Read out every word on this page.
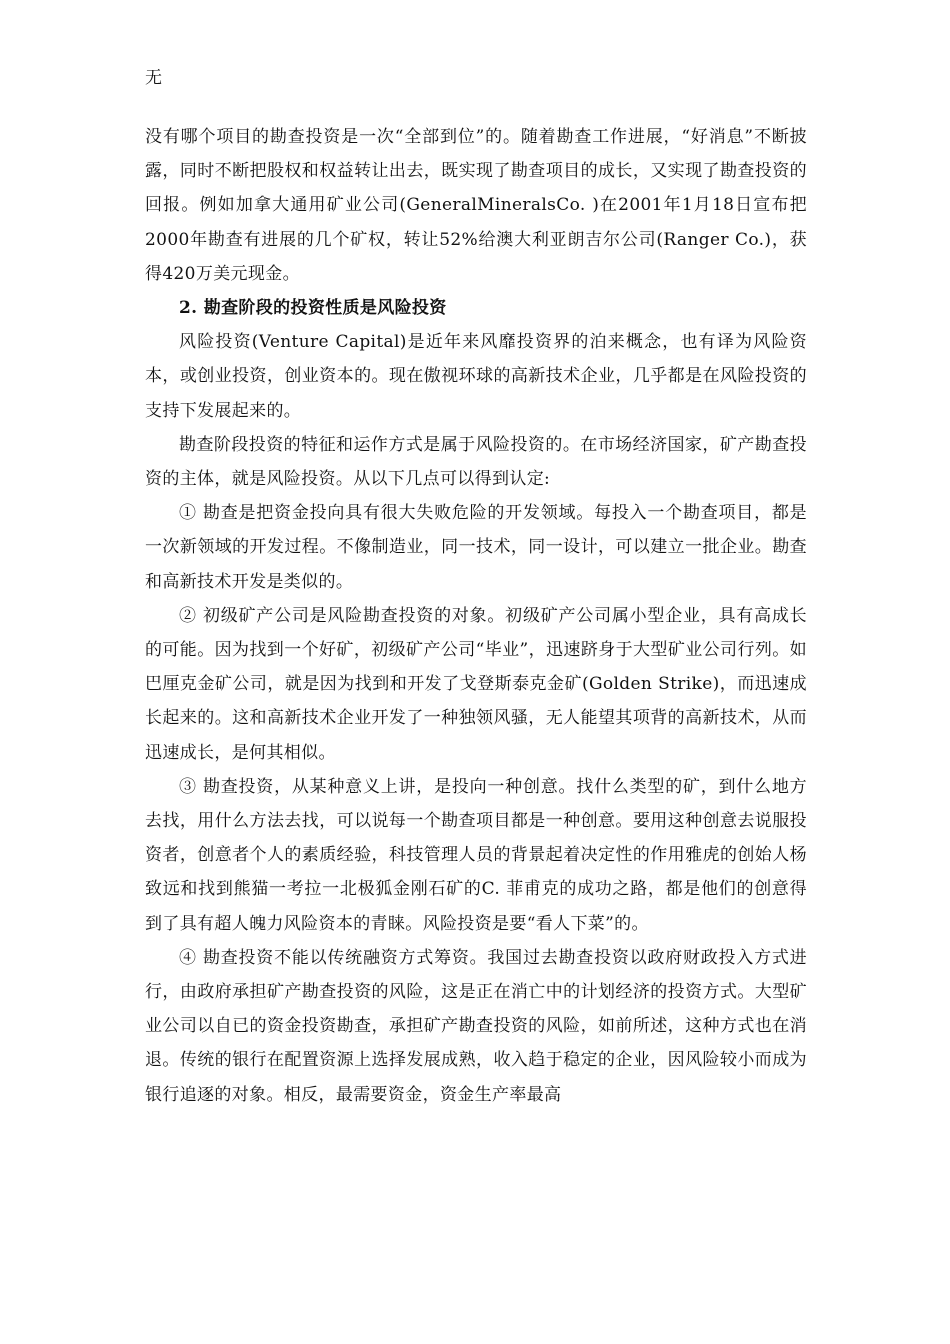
无

没有哪个项目的勘查投资是一次“全部到位”的。随着勘查工作进展，“好消息”不断披露，同时不断把股权和权益转让出去，既实现了勘查项目的成长，又实现了勘查投资的回报。例如加拿大通用矿业公司(GeneralMineralsCo. )在2001年1月18日宣布把2000年勘查有进展的几个矿权，转让52%给澳大利亚朗吉尔公司(Ranger Co.)，获得420万美元现金。

2. 勘查阶段的投资性质是风险投资

风险投资(Venture Capital)是近年来风靡投资界的泊来概念，也有译为风险资本，或创业投资，创业资本的。现在傲视环球的高新技术企业，几乎都是在风险投资的支持下发展起来的。

勘查阶段投资的特征和运作方式是属于风险投资的。在市场经济国家，矿产勘查投资的主体，就是风险投资。从以下几点可以得到认定:

① 勘查是把资金投向具有很大失败危险的开发领域。每投入一个勘查项目，都是一次新领域的开发过程。不像制造业，同一技术，同一设计，可以建立一批企业。勘查和高新技术开发是类似的。

② 初级矿产公司是风险勘查投资的对象。初级矿产公司属小型企业，具有高成长的可能。因为找到一个好矿，初级矿产公司“毕业”，迅速跻身于大型矿业公司行列。如巴厘克金矿公司，就是因为找到和开发了戈登斯泰克金矿(Golden Strike)，而迅速成长起来的。这和高新技术企业开发了一种独领风骚，无人能望其项背的高新技术，从而迅速成长，是何其相似。

③ 勘查投资，从某种意义上讲，是投向一种创意。找什么类型的矿，到什么地方去找，用什么方法去找，可以说每一个勘查项目都是一种创意。要用这种创意去说服投资者，创意者个人的素质经验，科技管理人员的背景起着决定性的作用雅虎的创始人杨致远和找到熊猫一考拉一北极狐金刚石矿的C. 菲甫克的成功之路，都是他们的创意得到了具有超人魄力风险资本的青睐。风险投资是要“看人下菜”的。

④ 勘查投资不能以传统融资方式筹资。我国过去勘查投资以政府财政投入方式进行，由政府承担矿产勘查投资的风险，这是正在消亡中的计划经济的投资方式。大型矿业公司以自已的资金投资勘查，承担矿产勘查投资的风险，如前所述，这种方式也在消退。传统的银行在配置资源上选择发展成熟，收入趋于稳定的企业，因风险较小而成为银行追逐的对象。相反，最需要资金，资金生产率最高
